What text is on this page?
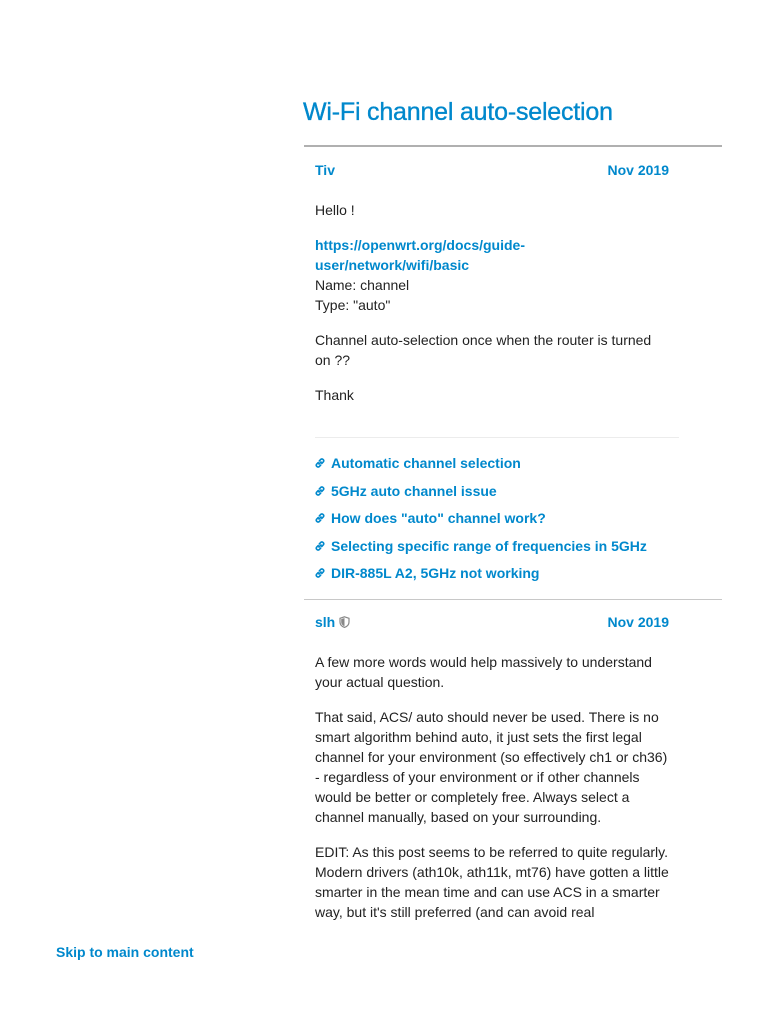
Wi-Fi channel auto-selection
Tiv	Nov 2019

Hello !

https://openwrt.org/docs/guide-
user/network/wifi/basic
Name: channel
Type: "auto"

Channel auto-selection once when the router is turned on ??

Thank

Automatic channel selection
5GHz auto channel issue
How does "auto" channel work?
Selecting specific range of frequencies in 5GHz
DIR-885L A2, 5GHz not working
slh	Nov 2019

A few more words would help massively to understand your actual question.

That said, ACS/ auto should never be used. There is no smart algorithm behind auto, it just sets the first legal channel for your environment (so effectively ch1 or ch36) - regardless of your environment or if other channels would be better or completely free. Always select a channel manually, based on your surrounding.

EDIT: As this post seems to be referred to quite regularly.
Modern drivers (ath10k, ath11k, mt76) have gotten a little smarter in the mean time and can use ACS in a smarter way, but it's still preferred (and can avoid real

Skip to main content
